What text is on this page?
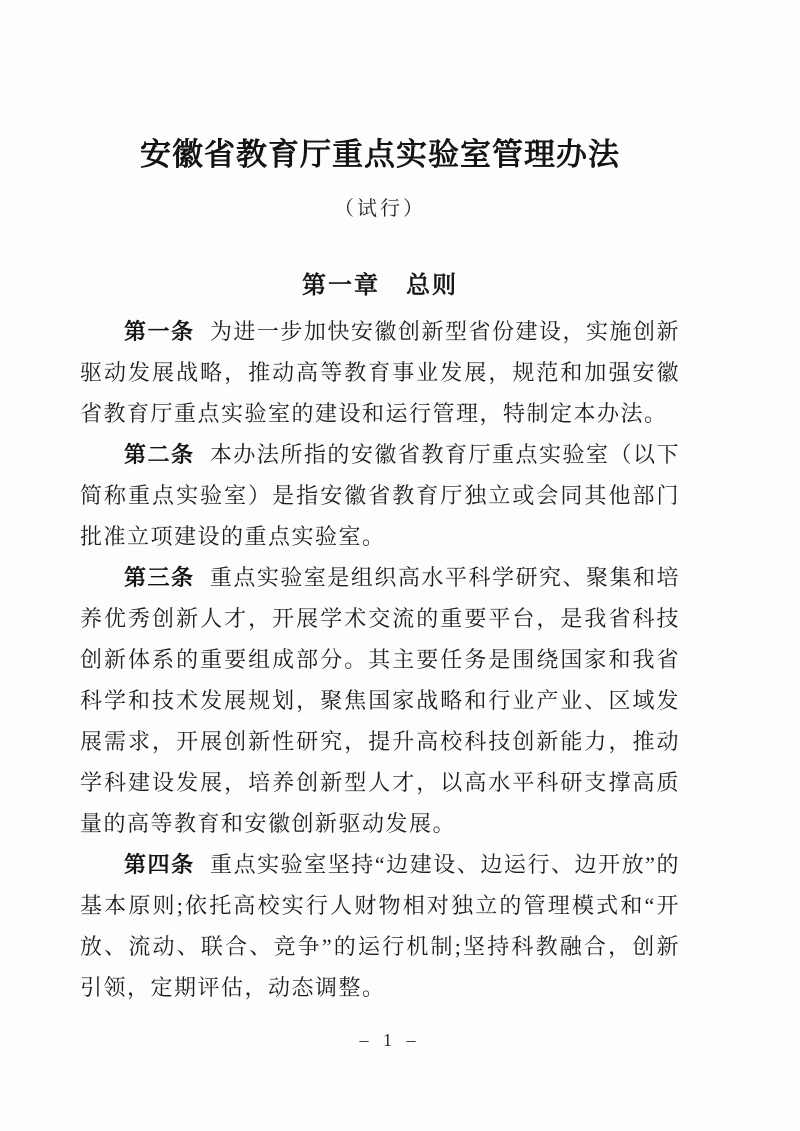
安徽省教育厅重点实验室管理办法
（试行）
第一章　总则

第一条 为进一步加快安徽创新型省份建设，实施创新驱动发展战略，推动高等教育事业发展，规范和加强安徽省教育厅重点实验室的建设和运行管理，特制定本办法。

第二条 本办法所指的安徽省教育厅重点实验室（以下简称重点实验室）是指安徽省教育厅独立或会同其他部门批准立项建设的重点实验室。

第三条 重点实验室是组织高水平科学研究、聚集和培养优秀创新人才，开展学术交流的重要平台，是我省科技创新体系的重要组成部分。其主要任务是围绕国家和我省科学和技术发展规划，聚焦国家战略和行业产业、区域发展需求，开展创新性研究，提升高校科技创新能力，推动学科建设发展，培养创新型人才，以高水平科研支撑高质量的高等教育和安徽创新驱动发展。

第四条 重点实验室坚持“边建设、边运行、边开放”的基本原则;依托高校实行人财物相对独立的管理模式和“开放、流动、联合、竞争”的运行机制;坚持科教融合，创新引领，定期评估，动态调整。

– 1 –
